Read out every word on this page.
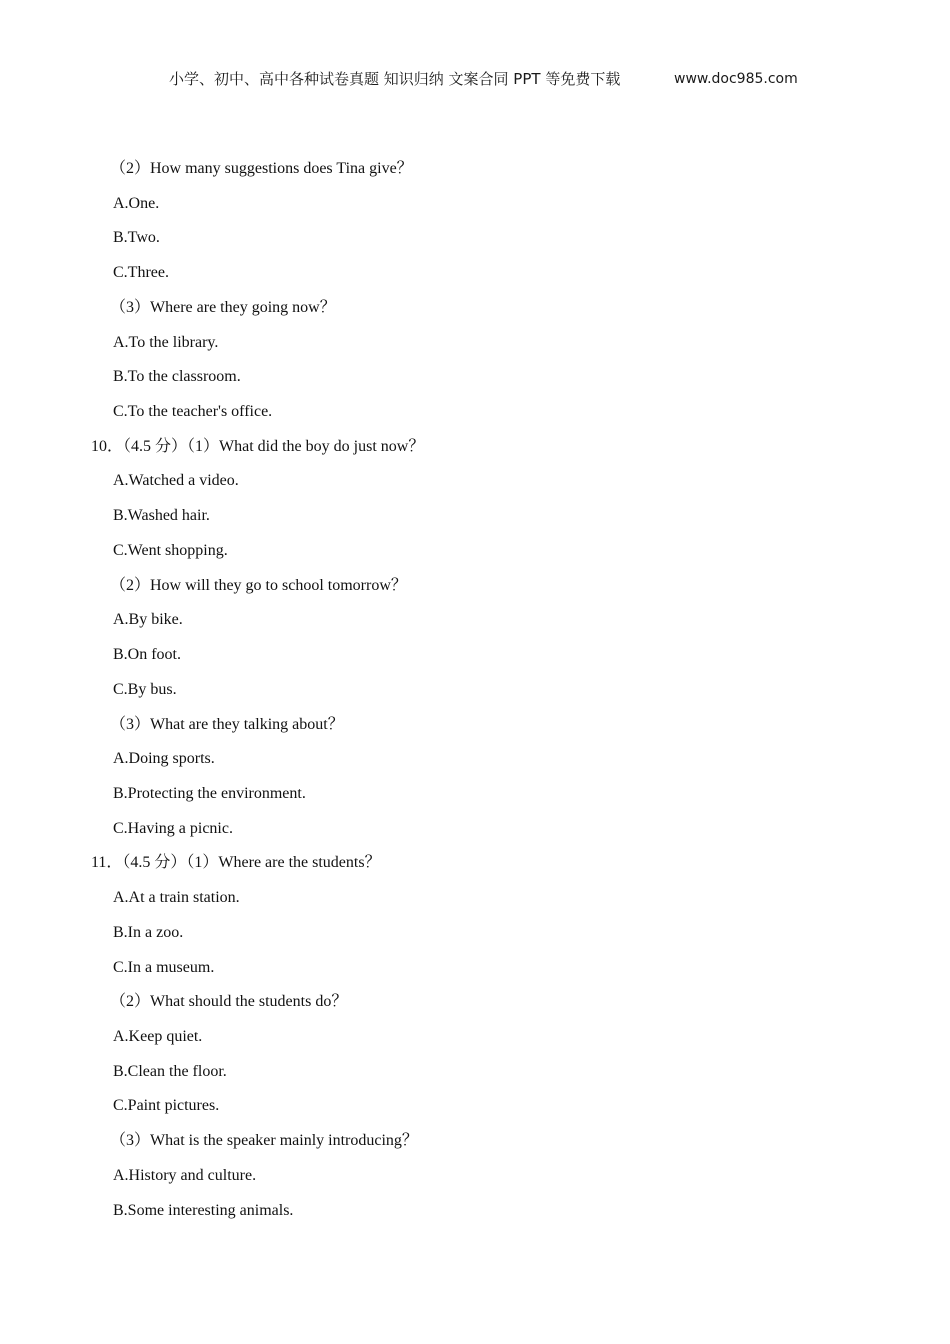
小学、初中、高中各种试卷真题 知识归纳 文案合同 PPT 等免费下载	www.doc985.com
（2）How many suggestions does Tina give？
A.One.
B.Two.
C.Three.
（3）Where are they going now？
A.To the library.
B.To the classroom.
C.To the teacher's office.
10．（4.5 分）（1）What did the boy do just now？
A.Watched a video.
B.Washed hair.
C.Went shopping.
（2）How will they go to school tomorrow？
A.By bike.
B.On foot.
C.By bus.
（3）What are they talking about？
A.Doing sports.
B.Protecting the environment.
C.Having a picnic.
11．（4.5 分）（1）Where are the students？
A.At a train station.
B.In a zoo.
C.In a museum.
（2）What should the students do？
A.Keep quiet.
B.Clean the floor.
C.Paint pictures.
（3）What is the speaker mainly introducing？
A.History and culture.
B.Some interesting animals.
